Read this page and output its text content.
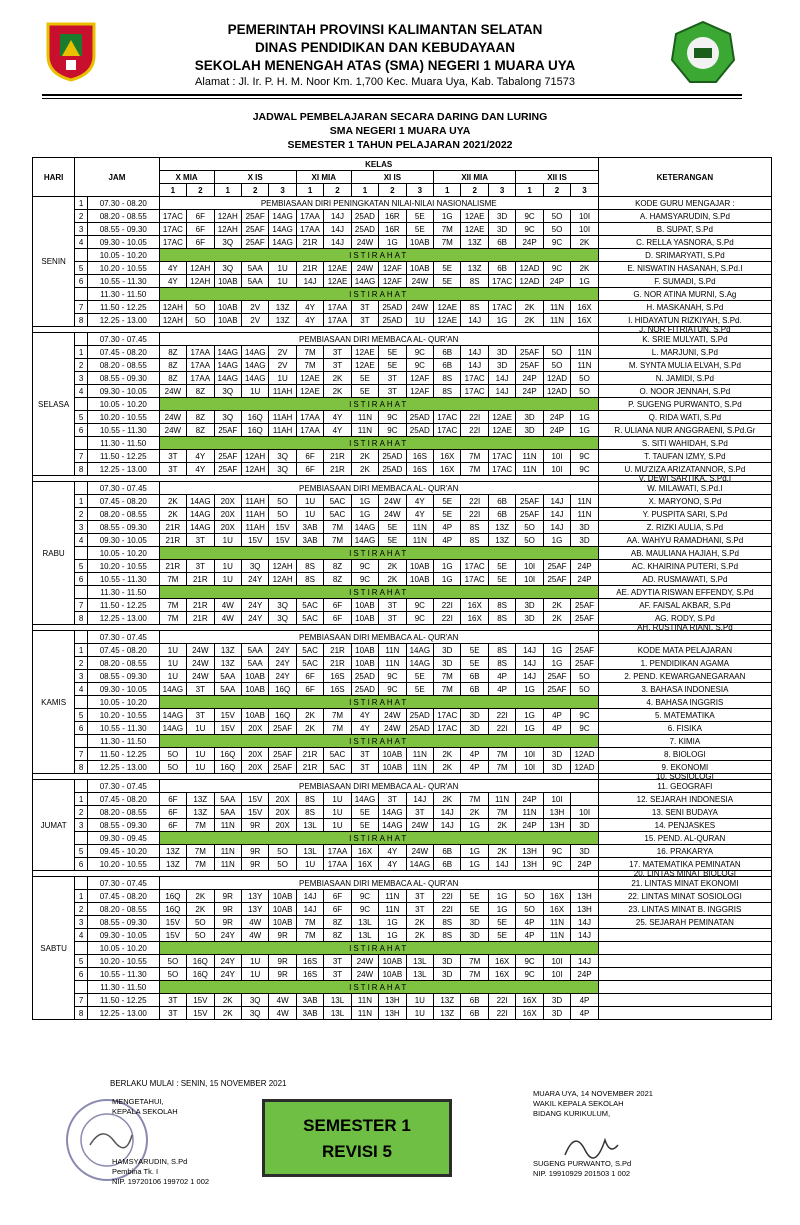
PEMERINTAH PROVINSI KALIMANTAN SELATAN
DINAS PENDIDIKAN DAN KEBUDAYAAN
SEKOLAH MENENGAH ATAS (SMA) NEGERI 1 MUARA UYA
Alamat : Jl. Ir. P. H. M. Noor Km. 1,700 Kec. Muara Uya, Kab. Tabalong 71573
JADWAL PEMBELAJARAN SECARA DARING DAN LURING
SMA NEGERI 1 MUARA UYA
SEMESTER 1 TAHUN PELAJARAN 2021/2022
HARI	JAM		KELAS																KETERANGAN
			X MIA		X IS			XI MIA		XI IS			XII MIA			XII IS			
			1	2	1	2	3	1	2	1	2	3	1	2	3	1	2	3	
SENIN	1	07.30 - 08.20	PEMBIASAAN DIRI PENINGKATAN NILAI-NILAI NASIONALISME																KODE GURU MENGAJAR :
	2	08.20 - 08.55	17AC	6F	12AH	25AF	14AG	17AA	14J	25AD	16R	5E	1G	12AE	3D	9C	5O	10I	A. HAMSYARUDIN, S.Pd
	3	08.55 - 09.30	17AC	6F	12AH	25AF	14AG	17AA	14J	25AD	16R	5E	7M	12AE	3D	9C	5O	10I	B. SUPAT, S.Pd
	4	09.30 - 10.05	17AC	6F	3Q	25AF	14AG	21R	14J	24W	1G	10AB	7M	13Z	6B	24P	9C	2K	C. RELLA YASNORA, S.Pd
		10.05 - 10.20	ISTIRAHAT																D. SRIMARYATI, S.Pd
	5	10.20 - 10.55	4Y	12AH	3Q	5AA	1U	21R	12AE	24W	12AF	10AB	5E	13Z	6B	12AD	9C	2K	E. NISWATIN HASANAH, S.Pd.I
	6	10.55 - 11.30	4Y	12AH	10AB	5AA	1U	14J	12AE	14AG	12AF	24W	5E	8S	17AC	12AD	24P	1G	F. SUMADI, S.Pd
		11.30 - 11.50	ISTIRAHAT																G. NOR ATINA MURNI, S.Ag
	7	11.50 - 12.25	12AH	5O	10AB	2V	13Z	4Y	17AA	3T	25AD	24W	12AE	8S	17AC	2K	11N	16X	H. MASKANAH, S.Pd
	8	12.25 - 13.00	12AH	5O	10AB	2V	13Z	4Y	17AA	3T	25AD	1U	12AE	14J	1G	2K	11N	16X	I. HIDAYATUN RIZKIYAH, S.Pd.
																			J. NOR FITRIATUN, S.Pd
SELASA		07.30 - 07.45	PEMBIASAAN DIRI MEMBACA AL- QUR'AN																K. SRIE MULYATI, S.Pd
	1	07.45 - 08.20	8Z	17AA	14AG	14AG	2V	7M	3T	12AE	5E	9C	6B	14J	3D	25AF	5O	11N	L. MARJUNI, S.Pd
	2	08.20 - 08.55	8Z	17AA	14AG	14AG	2V	7M	3T	12AE	5E	9C	6B	14J	3D	25AF	5O	11N	M. SYNTA MULIA ELVAH, S.Pd
	3	08.55 - 09.30	8Z	17AA	14AG	14AG	1U	12AE	2K	5E	3T	12AF	8S	17AC	14J	24P	12AD	5O	N. JAMIDI, S.Pd
	4	09.30 - 10.05	24W	8Z	3Q	1U	11AH	12AE	2K	5E	3T	12AF	8S	17AC	14J	24P	12AD	5O	O. NOOR JENNAH, S.Pd
		10.05 - 10.20	ISTIRAHAT																P. SUGENG PURWANTO, S.Pd
	5	10.20 - 10.55	24W	8Z	3Q	16Q	11AH	17AA	4Y	11N	9C	25AD	17AC	22I	12AE	3D	24P	1G	Q. RIDA WATI, S.Pd
	6	10.55 - 11.30	24W	8Z	25AF	16Q	11AH	17AA	4Y	11N	9C	25AD	17AC	22I	12AE	3D	24P	1G	R. ULIANA NUR ANGGRAENI, S.Pd.Gr
		11.30 - 11.50	ISTIRAHAT																S. SITI WAHIDAH, S.Pd
	7	11.50 - 12.25	3T	4Y	25AF	12AH	3Q	6F	21R	2K	25AD	16S	16X	7M	17AC	11N	10I	9C	T. TAUFAN IZMY, S.Pd
	8	12.25 - 13.00	3T	4Y	25AF	12AH	3Q	6F	21R	2K	25AD	16S	16X	7M	17AC	11N	10I	9C	U. MU'ZIZA ARIZATANNOR, S.Pd
																			V. DEWI SARTIKA, S.Pd.I
RABU		07.30 - 07.45	PEMBIASAAN DIRI MEMBACA AL- QUR'AN																W. MILAWATI, S.Pd.I
	1	07.45 - 08.20	2K	14AG	20X	11AH	5O	1U	5AC	1G	24W	4Y	5E	22I	6B	25AF	14J	11N	X. MARYONO, S.Pd
	2	08.20 - 08.55	2K	14AG	20X	11AH	5O	1U	5AC	1G	24W	4Y	5E	22I	6B	25AF	14J	11N	Y. PUSPITA SARI, S.Pd
	3	08.55 - 09.30	21R	14AG	20X	11AH	15V	3AB	7M	14AG	5E	11N	4P	8S	13Z	5O	14J	3D	Z. RIZKI AULIA, S.Pd
	4	09.30 - 10.05	21R	3T	1U	15V	15V	3AB	7M	14AG	5E	11N	4P	8S	13Z	5O	1G	3D	AA. WAHYU RAMADHANI, S.Pd
		10.05 - 10.20	ISTIRAHAT																AB. MAULIANA HAJIAH, S.Pd
	5	10.20 - 10.55	21R	3T	1U	3Q	12AH	8S	8Z	9C	2K	10AB	1G	17AC	5E	10I	25AF	24P	AC. KHAIRINA PUTERI, S.Pd
	6	10.55 - 11.30	7M	21R	1U	24Y	12AH	8S	8Z	9C	2K	10AB	1G	17AC	5E	10I	25AF	24P	AD. RUSMAWATI, S.Pd
		11.30 - 11.50	ISTIRAHAT																AE. ADYTIA RISWAN EFFENDY, S.Pd
	7	11.50 - 12.25	7M	21R	4W	24Y	3Q	5AC	6F	10AB	3T	9C	22I	16X	8S	3D	2K	25AF	AF. FAISAL AKBAR, S.Pd
	8	12.25 - 13.00	7M	21R	4W	24Y	3Q	5AC	6F	10AB	3T	9C	22I	16X	8S	3D	2K	25AF	AG. RODY, S.Pd
																			AH. RUSTINA RIANI, S.Pd
KAMIS		07.30 - 07.45	PEMBIASAAN DIRI MEMBACA AL- QUR'AN																
	1	07.45 - 08.20	1U	24W	13Z	5AA	24Y	5AC	21R	10AB	11N	14AG	3D	5E	8S	14J	1G	25AF	KODE MATA PELAJARAN
	2	08.20 - 08.55	1U	24W	13Z	5AA	24Y	5AC	21R	10AB	11N	14AG	3D	5E	8S	14J	1G	25AF	1. PENDIDIKAN AGAMA
	3	08.55 - 09.30	1U	24W	5AA	10AB	24Y	6F	16S	25AD	9C	5E	7M	6B	4P	14J	25AF	5O	2. PEND. KEWARGANEGARAAN
	4	09.30 - 10.05	14AG	3T	5AA	10AB	16Q	6F	16S	25AD	9C	5E	7M	6B	4P	1G	25AF	5O	3. BAHASA INDONESIA
		10.05 - 10.20	ISTIRAHAT																4. BAHASA INGGRIS
	5	10.20 - 10.55	14AG	3T	15V	10AB	16Q	2K	7M	4Y	24W	25AD	17AC	3D	22I	1G	4P	9C	5. MATEMATIKA
	6	10.55 - 11.30	14AG	1U	15V	20X	25AF	2K	7M	4Y	24W	25AD	17AC	3D	22I	1G	4P	9C	6. FISIKA
		11.30 - 11.50	ISTIRAHAT																7. KIMIA
	7	11.50 - 12.25	5O	1U	16Q	20X	25AF	21R	5AC	3T	10AB	11N	2K	4P	7M	10I	3D	12AD	8. BIOLOGI
	8	12.25 - 13.00	5O	1U	16Q	20X	25AF	21R	5AC	3T	10AB	11N	2K	4P	7M	10I	3D	12AD	9. EKONOMI
																			10. SOSIOLOGI
JUMAT		07.30 - 07.45	PEMBIASAAN DIRI MEMBACA AL- QUR'AN																11. GEOGRAFI
	1	07.45 - 08.20	6F	13Z	5AA	15V	20X	8S	1U	14AG	3T	14J	2K	7M	11N	24P	10I		12. SEJARAH INDONESIA
	2	08.20 - 08.55	6F	13Z	5AA	15V	20X	8S	1U	5E	14AG	3T	14J	2K	7M	11N	13H	10I	13. SENI BUDAYA
	3	08.55 - 09.30	6F	7M	11N	9R	20X	13L	1U	5E	14AG	24W	14J	1G	2K	24P	13H	3D	14. PENJASKES
		09.30 - 09.45	ISTIRAHAT																15. PEND. AL-QURAN
	5	09.45 - 10.20	13Z	7M	11N	9R	5O	13L	17AA	16X	4Y	24W	6B	1G	2K	13H	9C	3D	16. PRAKARYA
	6	10.20 - 10.55	13Z	7M	11N	9R	5O	1U	17AA	16X	4Y	14AG	6B	1G	14J	13H	9C	24P	17. MATEMATIKA PEMINATAN
																			20. LINTAS MINAT BIOLOGI
SABTU		07.30 - 07.45	PEMBIASAAN DIRI MEMBACA AL- QUR'AN																21. LINTAS MINAT EKONOMI
	1	07.45 - 08.20	16Q	2K	9R	13Y	10AB	14J	6F	9C	11N	3T	22I	5E	1G	5O	16X	13H	22. LINTAS MINAT SOSIOLOGI
	2	08.20 - 08.55	16Q	2K	9R	13Y	10AB	14J	6F	9C	11N	3T	22I	5E	1G	5O	16X	13H	23. LINTAS MINAT B. INGGRIS
	3	08.55 - 09.30	15V	5O	9R	4W	10AB	7M	8Z	13L	1G	2K	8S	3D	5E	4P	11N	14J	25. SEJARAH PEMINATAN
	4	09.30 - 10.05	15V	5O	24Y	4W	9R	7M	8Z	13L	1G	2K	8S	3D	5E	4P	11N	14J	
		10.05 - 10.20	ISTIRAHAT																
	5	10.20 - 10.55	5O	16Q	24Y	1U	9R	16S	3T	24W	10AB	13L	3D	7M	16X	9C	10I	14J	
	6	10.55 - 11.30	5O	16Q	24Y	1U	9R	16S	3T	24W	10AB	13L	3D	7M	16X	9C	10I	24P	
		11.30 - 11.50	ISTIRAHAT																
	7	11.50 - 12.25	3T	15V	2K	3Q	4W	3AB	13L	11N	13H	1U	13Z	6B	22I	16X	3D	4P	
	8	12.25 - 13.00	3T	15V	2K	3Q	4W	3AB	13L	11N	13H	1U	13Z	6B	22I	16X	3D	4P	
BERLAKU MULAI : SENIN, 15 NOVEMBER 2021
MENGETAHUI,
KEPALA SEKOLAH
HAMSYARUDIN, S.Pd
Pembina Tk. I
NIP. 19720106 199702 1 002
SEMESTER 1
REVISI 5
MUARA UYA, 14 NOVEMBER 2021
WAKIL KEPALA SEKOLAH
BIDANG KURIKULUM,
SUGENG PURWANTO, S.Pd
NIP. 19910929 201503 1 002
